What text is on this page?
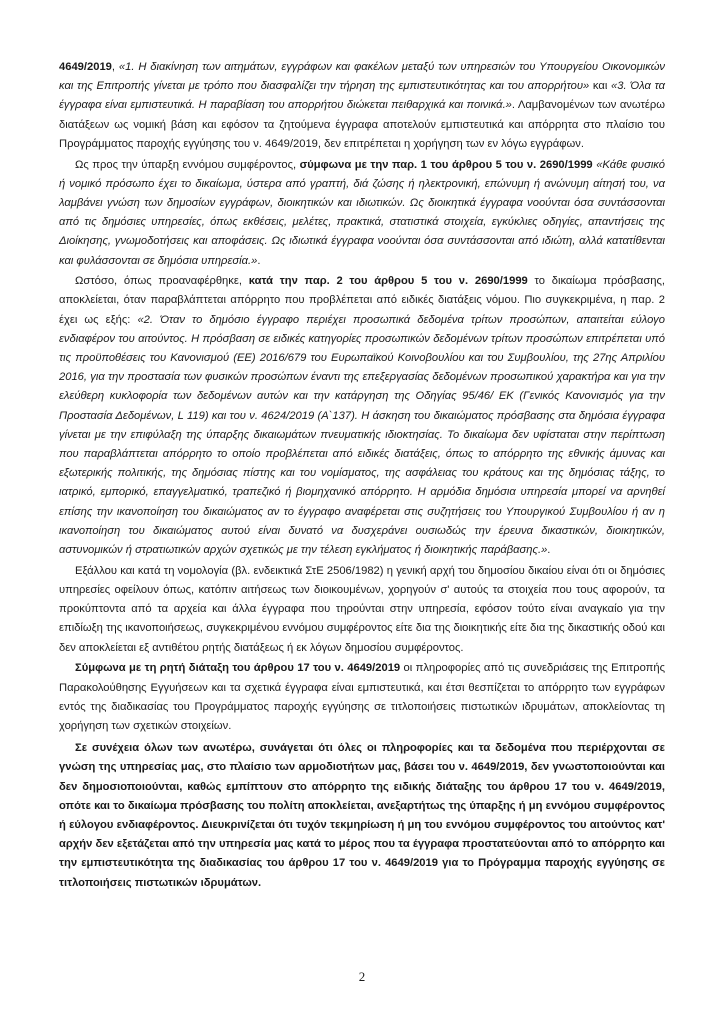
4649/2019, «1. Η διακίνηση των αιτημάτων, εγγράφων και φακέλων μεταξύ των υπηρεσιών του Υπουργείου Οικονομικών και της Επιτροπής γίνεται με τρόπο που διασφαλίζει την τήρηση της εμπιστευτικότητας και του απορρήτου» και «3. Όλα τα έγγραφα είναι εμπιστευτικά. Η παραβίαση του απορρήτου διώκεται πειθαρχικά και ποινικά.». Λαμβανομένων των ανωτέρω διατάξεων ως νομική βάση και εφόσον τα ζητούμενα έγγραφα αποτελούν εμπιστευτικά και απόρρητα στο πλαίσιο του Προγράμματος παροχής εγγύησης του ν. 4649/2019, δεν επιτρέπεται η χορήγηση των εν λόγω εγγράφων.

Ως προς την ύπαρξη εννόμου συμφέροντος, σύμφωνα με την παρ. 1 του άρθρου 5 του ν. 2690/1999 «Κάθε φυσικό ή νομικό πρόσωπο έχει το δικαίωμα, ύστερα από γραπτή, διά ζώσης ή ηλεκτρονική, επώνυμη ή ανώνυμη αίτησή του, να λαμβάνει γνώση των δημοσίων εγγράφων, διοικητικών και ιδιωτικών. Ως διοικητικά έγγραφα νοούνται όσα συντάσσονται από τις δημόσιες υπηρεσίες, όπως εκθέσεις, μελέτες, πρακτικά, στατιστικά στοιχεία, εγκύκλιες οδηγίες, απαντήσεις της Διοίκησης, γνωμοδοτήσεις και αποφάσεις. Ως ιδιωτικά έγγραφα νοούνται όσα συντάσσονται από ιδιώτη, αλλά κατατίθενται και φυλάσσονται σε δημόσια υπηρεσία.».

Ωστόσο, όπως προαναφέρθηκε, κατά την παρ. 2 του άρθρου 5 του ν. 2690/1999 το δικαίωμα πρόσβασης, αποκλείεται, όταν παραβλάπτεται απόρρητο που προβλέπεται από ειδικές διατάξεις νόμου. Πιο συγκεκριμένα, η παρ. 2 έχει ως εξής: «2. Όταν το δημόσιο έγγραφο περιέχει προσωπικά δεδομένα τρίτων προσώπων, απαιτείται εύλογο ενδιαφέρον του αιτούντος. Η πρόσβαση σε ειδικές κατηγορίες προσωπικών δεδομένων τρίτων προσώπων επιτρέπεται υπό τις προϋποθέσεις του Κανονισμού (ΕΕ) 2016/679 του Ευρωπαϊκού Κοινοβουλίου και του Συμβουλίου, της 27ης Απριλίου 2016, για την προστασία των φυσικών προσώπων έναντι της επεξεργασίας δεδομένων προσωπικού χαρακτήρα και για την ελεύθερη κυκλοφορία των δεδομένων αυτών και την κατάργηση της Οδηγίας 95/46/ ΕΚ (Γενικός Κανονισμός για την Προστασία Δεδομένων, L 119) και του ν. 4624/2019 (Α`137). Η άσκηση του δικαιώματος πρόσβασης στα δημόσια έγγραφα γίνεται με την επιφύλαξη της ύπαρξης δικαιωμάτων πνευματικής ιδιοκτησίας. Το δικαίωμα δεν υφίσταται στην περίπτωση που παραβλάπτεται απόρρητο το οποίο προβλέπεται από ειδικές διατάξεις, όπως το απόρρητο της εθνικής άμυνας και εξωτερικής πολιτικής, της δημόσιας πίστης και του νομίσματος, της ασφάλειας του κράτους και της δημόσιας τάξης, το ιατρικό, εμπορικό, επαγγελματικό, τραπεζικό ή βιομηχανικό απόρρητο. Η αρμόδια δημόσια υπηρεσία μπορεί να αρνηθεί επίσης την ικανοποίηση του δικαιώματος αν το έγγραφο αναφέρεται στις συζητήσεις του Υπουργικού Συμβουλίου ή αν η ικανοποίηση του δικαιώματος αυτού είναι δυνατό να δυσχεράνει ουσιωδώς την έρευνα δικαστικών, διοικητικών, αστυνομικών ή στρατιωτικών αρχών σχετικώς με την τέλεση εγκλήματος ή διοικητικής παράβασης.».

Εξάλλου και κατά τη νομολογία (βλ. ενδεικτικά ΣτΕ 2506/1982) η γενική αρχή του δημοσίου δικαίου είναι ότι οι δημόσιες υπηρεσίες οφείλουν όπως, κατόπιν αιτήσεως των διοικουμένων, χορηγούν σ' αυτούς τα στοιχεία που τους αφορούν, τα προκύπτοντα από τα αρχεία και άλλα έγγραφα που τηρούνται στην υπηρεσία, εφόσον τούτο είναι αναγκαίο για την επιδίωξη της ικανοποιήσεως, συγκεκριμένου εννόμου συμφέροντος είτε δια της διοικητικής είτε δια της δικαστικής οδού και δεν αποκλείεται εξ αντιθέτου ρητής διατάξεως ή εκ λόγων δημοσίου συμφέροντος.

Σύμφωνα με τη ρητή διάταξη του άρθρου 17 του ν. 4649/2019 οι πληροφορίες από τις συνεδριάσεις της Επιτροπής Παρακολούθησης Εγγυήσεων και τα σχετικά έγγραφα είναι εμπιστευτικά, και έτσι θεσπίζεται το απόρρητο των εγγράφων εντός της διαδικασίας του Προγράμματος παροχής εγγύησης σε τιτλοποιήσεις πιστωτικών ιδρυμάτων, αποκλείοντας τη χορήγηση των σχετικών στοιχείων.

Σε συνέχεια όλων των ανωτέρω, συνάγεται ότι όλες οι πληροφορίες και τα δεδομένα που περιέρχονται σε γνώση της υπηρεσίας μας, στο πλαίσιο των αρμοδιοτήτων μας, βάσει του ν. 4649/2019, δεν γνωστοποιούνται και δεν δημοσιοποιούνται, καθώς εμπίπτουν στο απόρρητο της ειδικής διάταξης του άρθρου 17 του ν. 4649/2019, οπότε και το δικαίωμα πρόσβασης του πολίτη αποκλείεται, ανεξαρτήτως της ύπαρξης ή μη εννόμου συμφέροντος ή εύλογου ενδιαφέροντος. Διευκρινίζεται ότι τυχόν τεκμηρίωση ή μη του εννόμου συμφέροντος του αιτούντος κατ' αρχήν δεν εξετάζεται από την υπηρεσία μας κατά το μέρος που τα έγγραφα προστατεύονται από το απόρρητο και την εμπιστευτικότητα της διαδικασίας του άρθρου 17 του ν. 4649/2019 για το Πρόγραμμα παροχής εγγύησης σε τιτλοποιήσεις πιστωτικών ιδρυμάτων.

2
